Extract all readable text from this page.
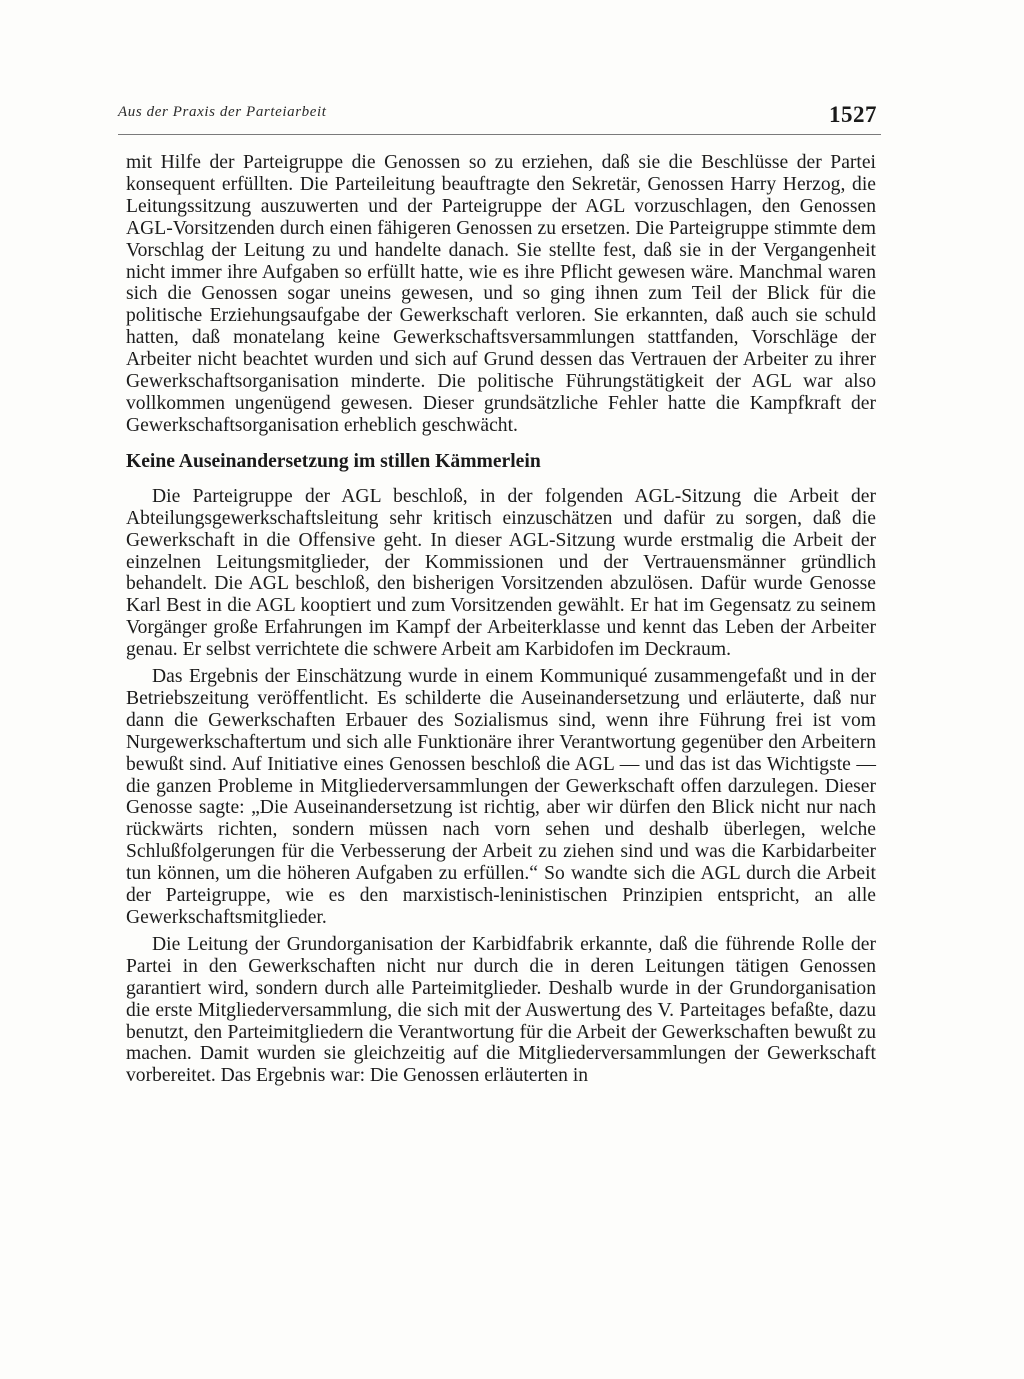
Aus der Praxis der Parteiarbeit	1527

mit Hilfe der Parteigruppe die Genossen so zu erziehen, daß sie die Beschlüsse der Partei konsequent erfüllten. Die Parteileitung beauftragte den Sekretär, Genossen Harry Herzog, die Leitungssitzung auszuwerten und der Parteigruppe der AGL vorzuschlagen, den Genossen AGL-Vorsitzenden durch einen fähigeren Genossen zu ersetzen. Die Parteigruppe stimmte dem Vorschlag der Leitung zu und handelte danach. Sie stellte fest, daß sie in der Vergangenheit nicht immer ihre Aufgaben so erfüllt hatte, wie es ihre Pflicht gewesen wäre. Manchmal waren sich die Genossen sogar uneins gewesen, und so ging ihnen zum Teil der Blick für die politische Erziehungsaufgabe der Gewerkschaft verloren. Sie erkannten, daß auch sie schuld hatten, daß monatelang keine Gewerkschaftsversammlungen stattfanden, Vorschläge der Arbeiter nicht beachtet wurden und sich auf Grund dessen das Vertrauen der Arbeiter zu ihrer Gewerkschaftsorganisation minderte. Die politische Führungstätigkeit der AGL war also vollkommen ungenügend gewesen. Dieser grundsätzliche Fehler hatte die Kampfkraft der Gewerkschaftsorganisation erheblich geschwächt.

Keine Auseinandersetzung im stillen Kämmerlein

Die Parteigruppe der AGL beschloß, in der folgenden AGL-Sitzung die Arbeit der Abteilungsgewerkschaftsleitung sehr kritisch einzuschätzen und dafür zu sorgen, daß die Gewerkschaft in die Offensive geht. In dieser AGL-Sitzung wurde erstmalig die Arbeit der einzelnen Leitungsmitglieder, der Kommissionen und der Vertrauensmänner gründlich behandelt. Die AGL beschloß, den bisherigen Vorsitzenden abzulösen. Dafür wurde Genosse Karl Best in die AGL kooptiert und zum Vorsitzenden gewählt. Er hat im Gegensatz zu seinem Vorgänger große Erfahrungen im Kampf der Arbeiterklasse und kennt das Leben der Arbeiter genau. Er selbst verrichtete die schwere Arbeit am Karbidofen im Deckraum.

Das Ergebnis der Einschätzung wurde in einem Kommuniqué zusammengefaßt und in der Betriebszeitung veröffentlicht. Es schilderte die Auseinandersetzung und erläuterte, daß nur dann die Gewerkschaften Erbauer des Sozialismus sind, wenn ihre Führung frei ist vom Nurgewerkschaftertum und sich alle Funktionäre ihrer Verantwortung gegenüber den Arbeitern bewußt sind. Auf Initiative eines Genossen beschloß die AGL — und das ist das Wichtigste — die ganzen Probleme in Mitgliederversammlungen der Gewerkschaft offen darzulegen. Dieser Genosse sagte: „Die Auseinandersetzung ist richtig, aber wir dürfen den Blick nicht nur nach rückwärts richten, sondern müssen nach vorn sehen und deshalb überlegen, welche Schlußfolgerungen für die Verbesserung der Arbeit zu ziehen sind und was die Karbidarbeiter tun können, um die höheren Aufgaben zu erfüllen.“ So wandte sich die AGL durch die Arbeit der Parteigruppe, wie es den marxistisch-leninistischen Prinzipien entspricht, an alle Gewerkschaftsmitglieder.

Die Leitung der Grundorganisation der Karbidfabrik erkannte, daß die führende Rolle der Partei in den Gewerkschaften nicht nur durch die in deren Leitungen tätigen Genossen garantiert wird, sondern durch alle Parteimitglieder. Deshalb wurde in der Grundorganisation die erste Mitgliederversammlung, die sich mit der Auswertung des V. Parteitages befaßte, dazu benutzt, den Parteimitgliedern die Verantwortung für die Arbeit der Gewerkschaften bewußt zu machen. Damit wurden sie gleichzeitig auf die Mitgliederversammlungen der Gewerkschaft vorbereitet. Das Ergebnis war: Die Genossen erläuterten in
